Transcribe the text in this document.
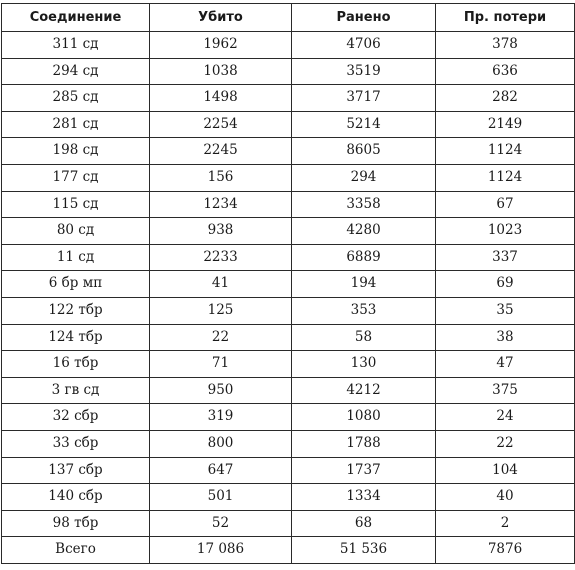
Соединение	Убито	Ранено	Пр. потери
311 сд	1962	4706	378
294 сд	1038	3519	636
285 сд	1498	3717	282
281 сд	2254	5214	2149
198 сд	2245	8605	1124
177 сд	156	294	1124
115 сд	1234	3358	67
80 сд	938	4280	1023
11 сд	2233	6889	337
6 бр мп	41	194	69
122 тбр	125	353	35
124 тбр	22	58	38
16 тбр	71	130	47
3 гв сд	950	4212	375
32 сбр	319	1080	24
33 сбр	800	1788	22
137 сбр	647	1737	104
140 сбр	501	1334	40
98 тбр	52	68	2
Всего	17 086	51 536	7876
